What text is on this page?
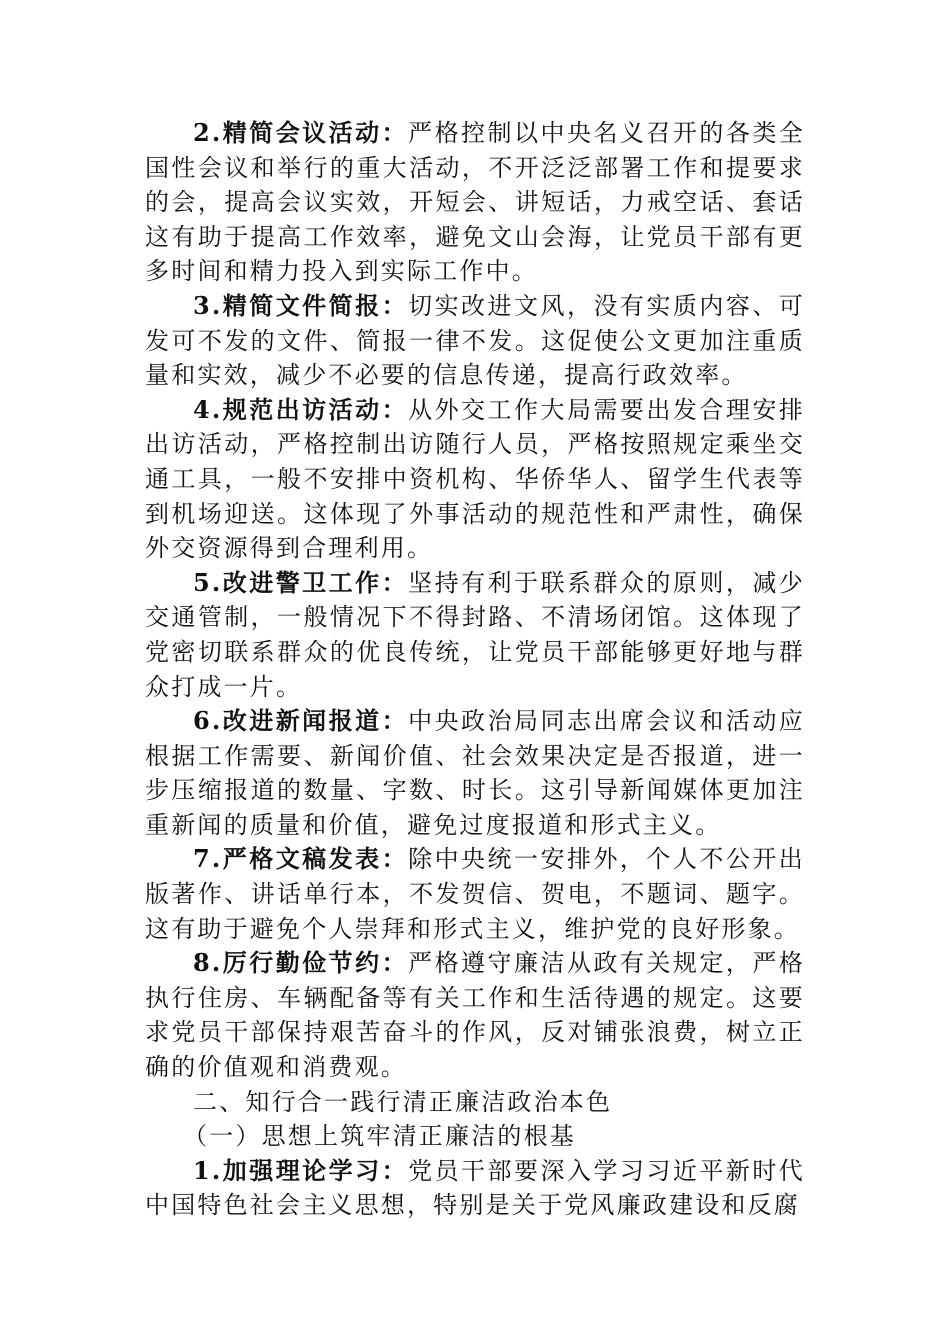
2.精简会议活动：严格控制以中央名义召开的各类全国性会议和举行的重大活动，不开泛泛部署工作和提要求的会，提高会议实效，开短会、讲短话，力戒空话、套话这有助于提高工作效率，避免文山会海，让党员干部有更多时间和精力投入到实际工作中。

3.精简文件简报：切实改进文风，没有实质内容、可发可不发的文件、简报一律不发。这促使公文更加注重质量和实效，减少不必要的信息传递，提高行政效率。

4.规范出访活动：从外交工作大局需要出发合理安排出访活动，严格控制出访随行人员，严格按照规定乘坐交通工具，一般不安排中资机构、华侨华人、留学生代表等到机场迎送。这体现了外事活动的规范性和严肃性，确保外交资源得到合理利用。

5.改进警卫工作：坚持有利于联系群众的原则，减少交通管制，一般情况下不得封路、不清场闭馆。这体现了党密切联系群众的优良传统，让党员干部能够更好地与群众打成一片。

6.改进新闻报道：中央政治局同志出席会议和活动应根据工作需要、新闻价值、社会效果决定是否报道，进一步压缩报道的数量、字数、时长。这引导新闻媒体更加注重新闻的质量和价值，避免过度报道和形式主义。

7.严格文稿发表：除中央统一安排外，个人不公开出版著作、讲话单行本，不发贺信、贺电，不题词、题字。这有助于避免个人崇拜和形式主义，维护党的良好形象。

8.厉行勤俭节约：严格遵守廉洁从政有关规定，严格执行住房、车辆配备等有关工作和生活待遇的规定。这要求党员干部保持艰苦奋斗的作风，反对铺张浪费，树立正确的价值观和消费观。

二、知行合一践行清正廉洁政治本色

（一）思想上筑牢清正廉洁的根基

1.加强理论学习：党员干部要深入学习习近平新时代中国特色社会主义思想，特别是关于党风廉政建设和反腐
